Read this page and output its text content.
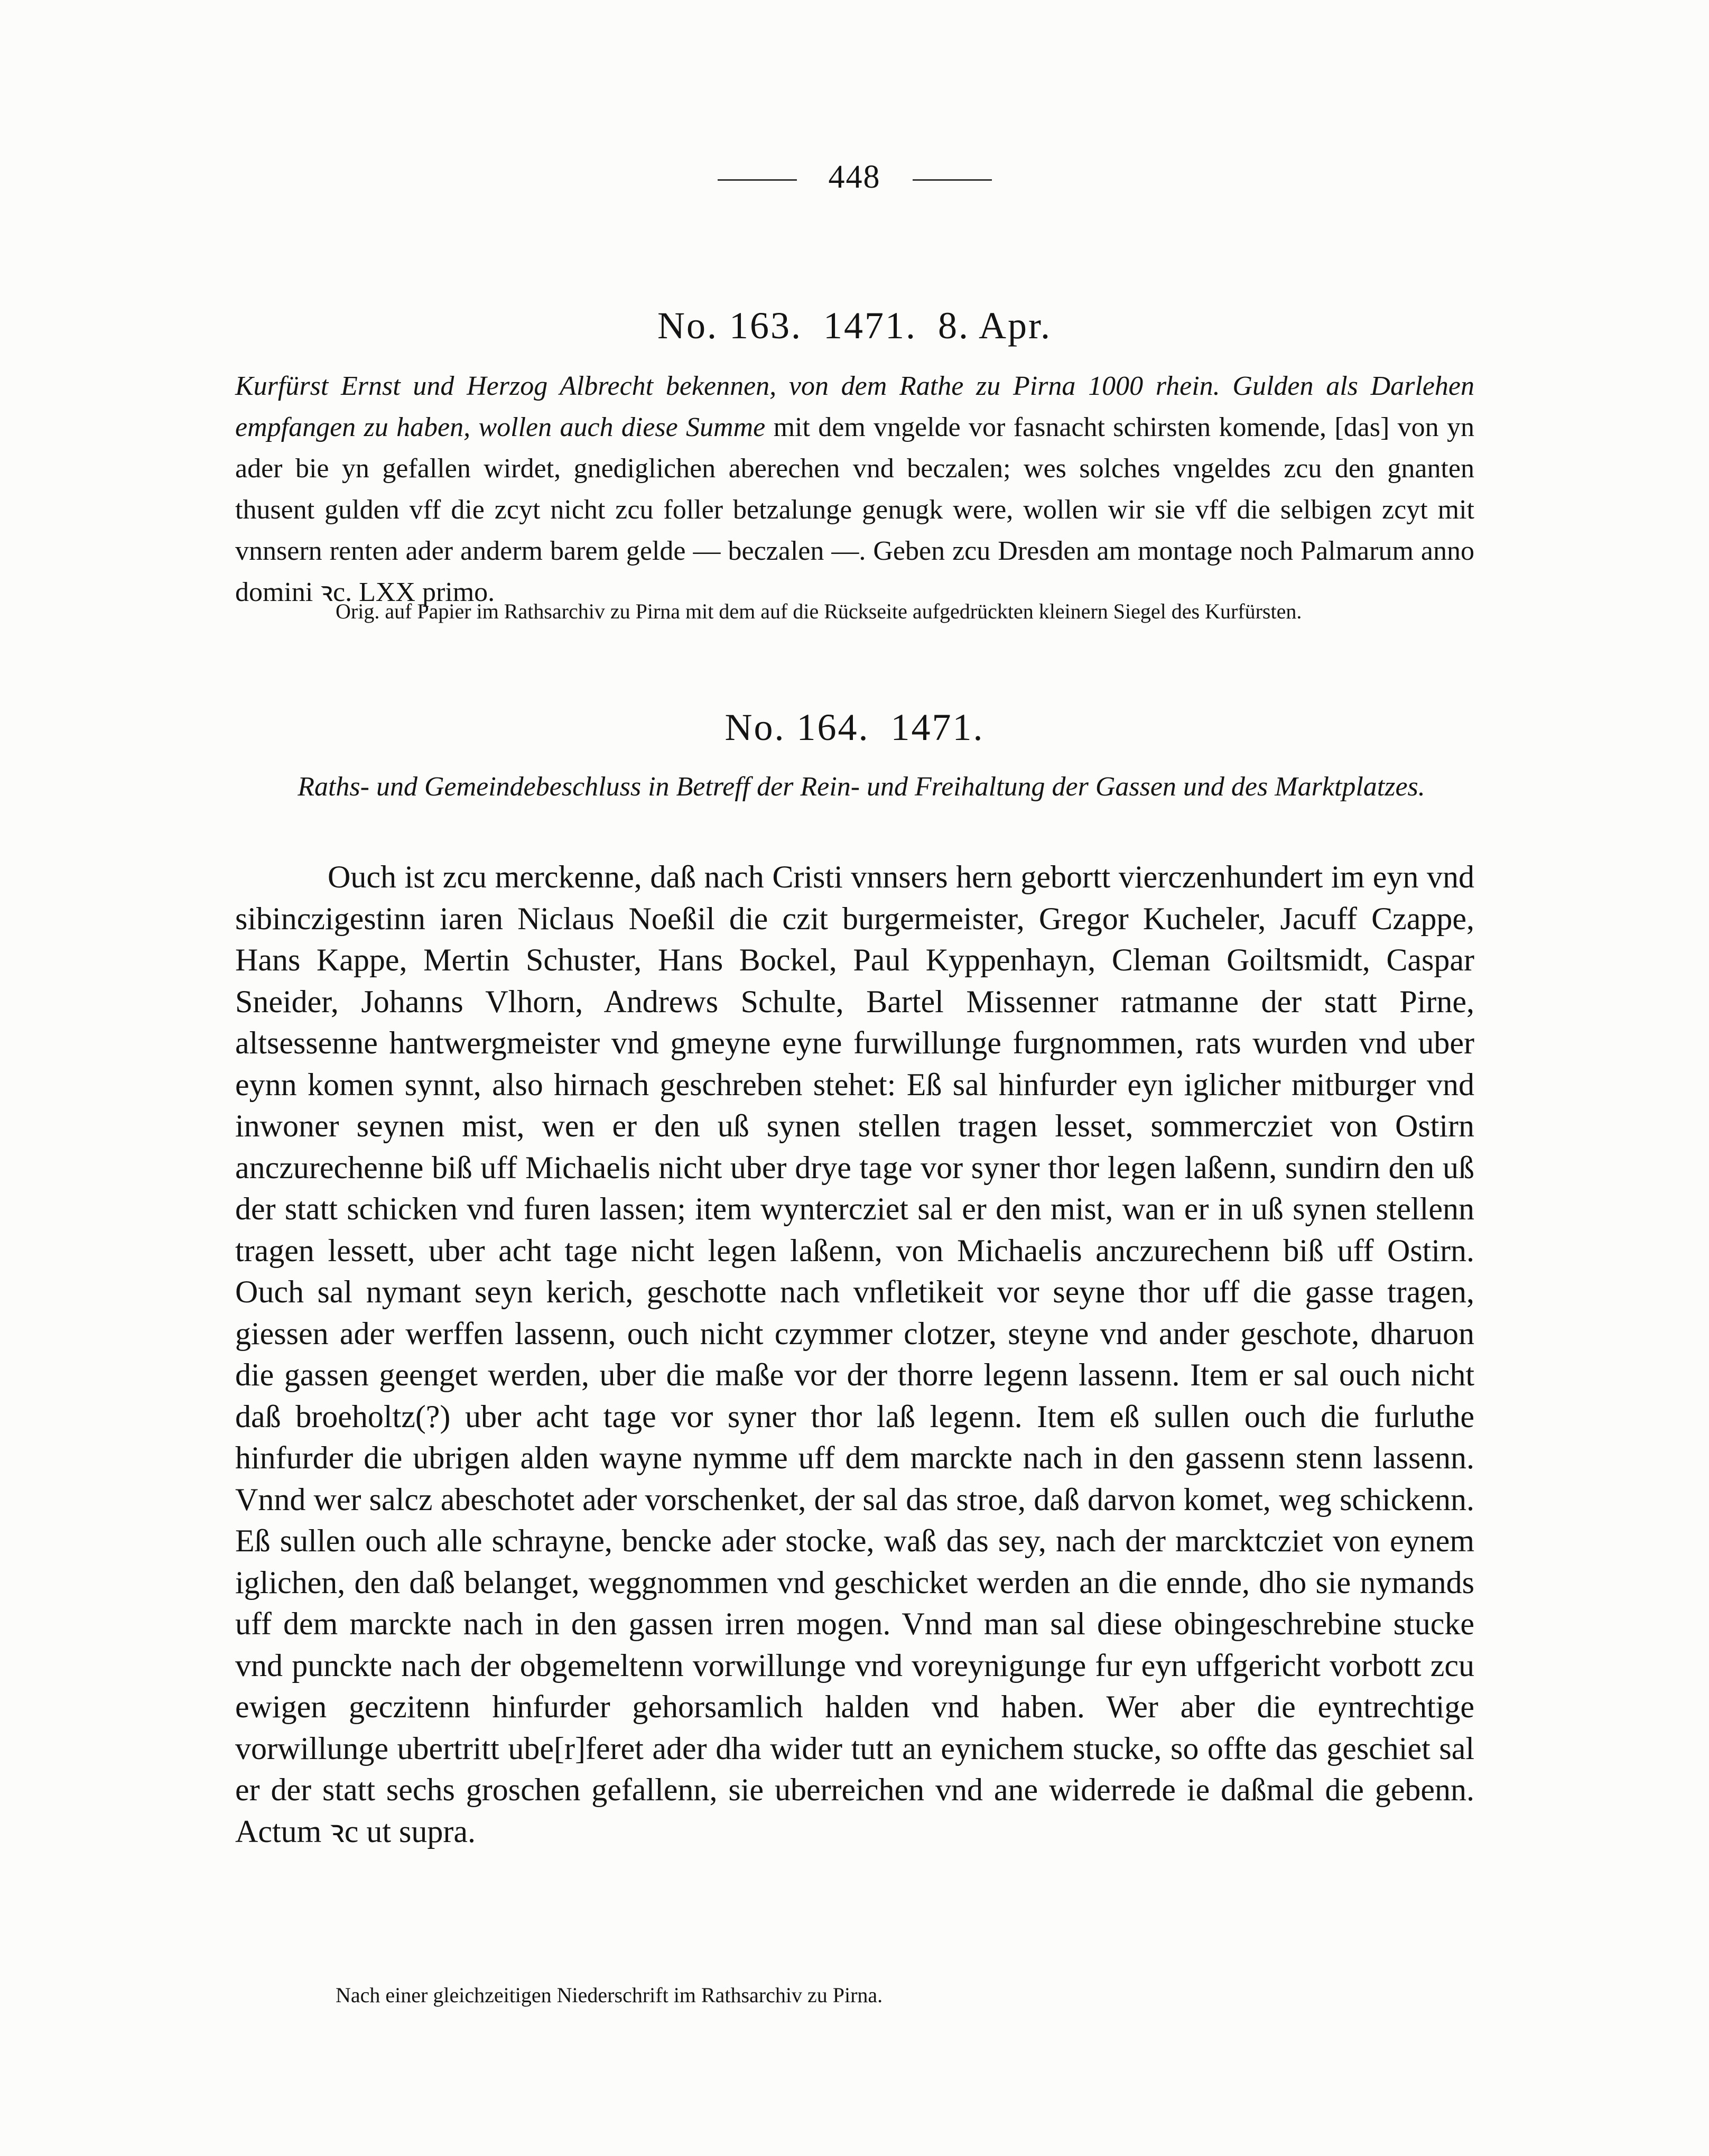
448
No. 163. 1471. 8. Apr.
Kurfürst Ernst und Herzog Albrecht bekennen, von dem Rathe zu Pirna 1000 rhein. Gulden als Darlehen empfangen zu haben, wollen auch diese Summe mit dem vngelde vor fasnacht schirsten komende, [das] von yn ader bie yn gefallen wirdet, gnediglichen aberechen vnd beczalen; wes solches vngeldes zcu den gnanten thusent gulden vff die zcyt nicht zcu foller betzalunge genugk were, wollen wir sie vff die selbigen zcyt mit vnnsern renten ader anderm barem gelde — beczalen —. Geben zcu Dresden am montage noch Palmarum anno domini ꝛc. LXX primo.
Orig. auf Papier im Rathsarchiv zu Pirna mit dem auf die Rückseite aufgedrückten kleinern Siegel des Kurfürsten.
No. 164. 1471.
Raths- und Gemeindebeschluss in Betreff der Rein- und Freihaltung der Gassen und des Marktplatzes.
Ouch ist zcu merckenne, daß nach Cristi vnnsers hern gebortt vierczenhundert im eyn vnd sibinczigestinn iaren Niclaus Noeßil die czit burgermeister, Gregor Kucheler, Jacuff Czappe, Hans Kappe, Mertin Schuster, Hans Bockel, Paul Kyppenhayn, Cleman Goiltsmidt, Caspar Sneider, Johanns Vlhorn, Andrews Schulte, Bartel Missenner ratmanne der statt Pirne, altsessenne hantwergmeister vnd gmeyne eyne furwillunge furgnommen, rats wurden vnd uber eynn komen synnt, also hirnach geschreben stehet: Eß sal hinfurder eyn iglicher mitburger vnd inwoner seynen mist, wen er den uß synen stellen tragen lesset, sommercziet von Ostirn anczurechenne biß uff Michaelis nicht uber drye tage vor syner thor legen laßenn, sundirn den uß der statt schicken vnd furen lassen; item wyntercziet sal er den mist, wan er in uß synen stellenn tragen lessett, uber acht tage nicht legen laßenn, von Michaelis anczurechenn biß uff Ostirn. Ouch sal nymant seyn kerich, geschotte nach vnfletikeit vor seyne thor uff die gasse tragen, giessen ader werffen lassenn, ouch nicht czymmer clotzer, steyne vnd ander geschote, dharuon die gassen geenget werden, uber die maße vor der thorre legenn lassenn. Item er sal ouch nicht daß broeholtz(?) uber acht tage vor syner thor laß legenn. Item eß sullen ouch die furluthe hinfurder die ubrigen alden wayne nymme uff dem marckte nach in den gassenn stenn lassenn. Vnnd wer salcz abeschotet ader vorschenket, der sal das stroe, daß darvon komet, weg schickenn. Eß sullen ouch alle schrayne, bencke ader stocke, waß das sey, nach der marcktcziet von eynem iglichen, den daß belanget, weggnommen vnd geschicket werden an die ennde, dho sie nymands uff dem marckte nach in den gassen irren mogen. Vnnd man sal diese obingeschrebine stucke vnd punckte nach der obgemeltenn vorwillunge vnd voreynigunge fur eyn uffgericht vorbott zcu ewigen geczitenn hinfurder gehorsamlich halden vnd haben. Wer aber die eyntrechtige vorwillunge ubertritt ube[r]feret ader dha wider tutt an eynichem stucke, so offte das geschiet sal er der statt sechs groschen gefallenn, sie uberreichen vnd ane widerrede ie daßmal die gebenn. Actum ꝛc ut supra.
Nach einer gleichzeitigen Niederschrift im Rathsarchiv zu Pirna.
